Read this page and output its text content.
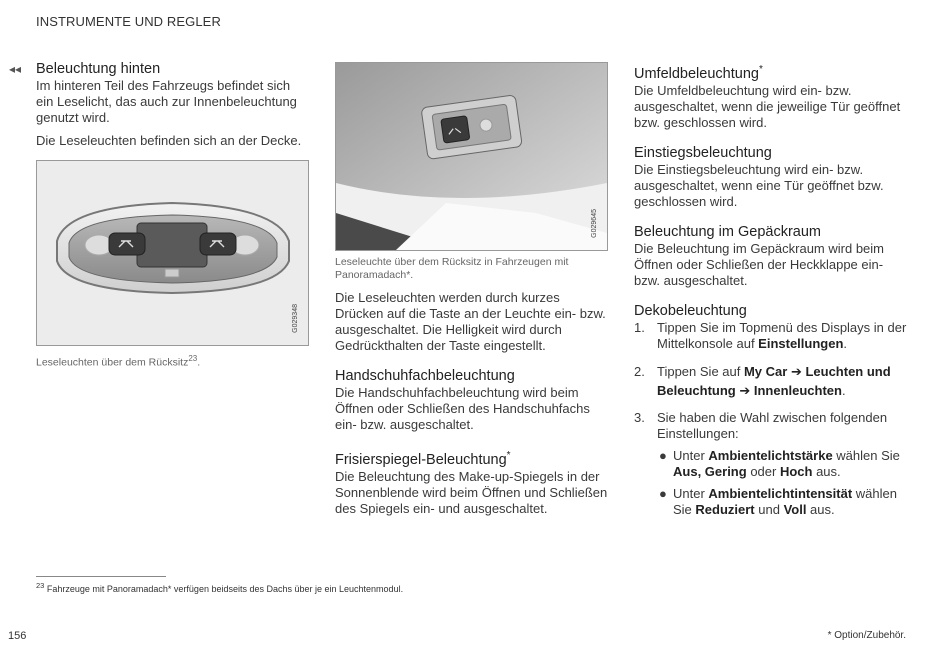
INSTRUMENTE UND REGLER
◂◂ Beleuchtung hinten

Im hinteren Teil des Fahrzeugs befindet sich ein Leselicht, das auch zur Innenbeleuchtung genutzt wird.

Die Leseleuchten befinden sich an der Decke.

G029348
Leseleuchten über dem Rücksitz$^{23}$.
G029645
Leseleuchte über dem Rücksitz in Fahrzeugen mit Panoramadach*.

Die Leseleuchten werden durch kurzes Drücken auf die Taste an der Leuchte ein- bzw. ausgeschaltet. Die Helligkeit wird durch Gedrückthalten der Taste eingestellt.

Handschuhfachbeleuchtung

Die Handschuhfachbeleuchtung wird beim Öffnen oder Schließen des Handschuhfachs ein- bzw. ausgeschaltet.

Frisierspiegel-Beleuchtung*

Die Beleuchtung des Make-up-Spiegels in der Sonnenblende wird beim Öffnen und Schließen des Spiegels ein- und ausgeschaltet.

Umfeldbeleuchtung*

Die Umfeldbeleuchtung wird ein- bzw. ausgeschaltet, wenn die jeweilige Tür geöffnet bzw. geschlossen wird.

Einstiegsbeleuchtung

Die Einstiegsbeleuchtung wird ein- bzw. ausgeschaltet, wenn eine Tür geöffnet bzw. geschlossen wird.

Beleuchtung im Gepäckraum

Die Beleuchtung im Gepäckraum wird beim Öffnen oder Schließen der Heckklappe ein- bzw. ausgeschaltet.

Dekobeleuchtung
1. Tippen Sie im Topmenü des Displays in der Mittelkonsole auf Einstellungen.
2. Tippen Sie auf My Car ➔ Leuchten und Beleuchtung ➔ Innenleuchten.
3. Sie haben die Wahl zwischen folgenden Einstellungen:
● Unter Ambientelichtstärke wählen Sie Aus, Gering oder Hoch aus.
● Unter Ambientelichtintensität wählen Sie Reduziert und Voll aus.
$^{23}$ Fahrzeuge mit Panoramadach* verfügen beidseits des Dachs über je ein Leuchtenmodul.
156	* Option/Zubehör.
